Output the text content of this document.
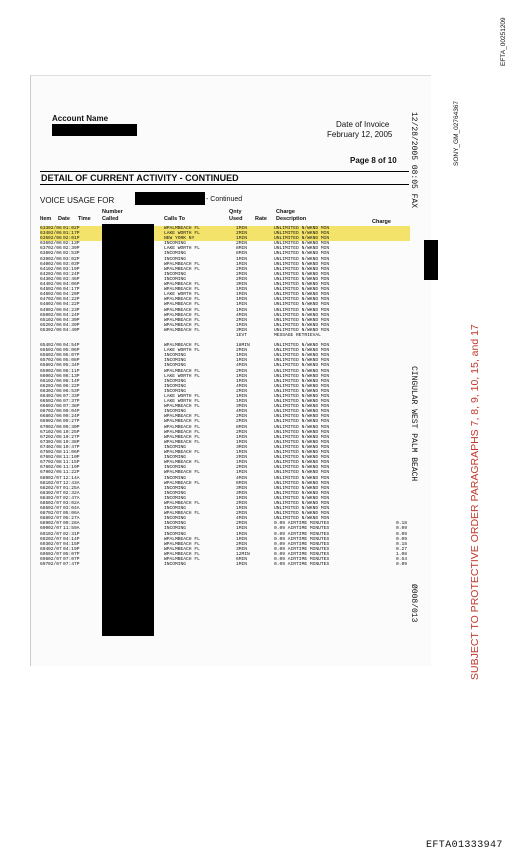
Account Name
Date of Invoice
February 12, 2005
Page 8 of 10
DETAIL OF CURRENT ACTIVITY - CONTINUED
VOICE USAGE FOR	- Continued
Number
Item Date Time Called	Calls To
Qnty
Used Rate
Charge
Description	Charge
633 02/06 01:02P	WPALMBEACH FL	1MIN	UNLIMITED N/WKND MIN
634 02/06 01:17P	LAKE WORTH FL	2MIN	UNLIMITED N/WKND MIN
635 02/06 02:01P	NEW YORK NY	1MIN	UNLIMITED N/WKND MIN
636 02/06 02:13P	INCOMING	2MIN	UNLIMITED N/WKND MIN
637 02/06 02:39P	LAKE WORTH FL	8MIN	UNLIMITED N/WKND MIN
638 02/06 02:53P	INCOMING	8MIN	UNLIMITED N/WKND MIN
639 02/06 03:02P	INCOMING	1MIN	UNLIMITED N/WKND MIN
640 02/06 03:03P	WPALMBEACH FL	1MIN	UNLIMITED N/WKND MIN
641 02/06 03:19P	WPALMBEACH FL	2MIN	UNLIMITED N/WKND MIN
642 02/06 03:24P	INCOMING	2MIN	UNLIMITED N/WKND MIN
643 02/06 03:45P	INCOMING	2MIN	UNLIMITED N/WKND MIN
644 02/06 04:06P	WPALMBEACH FL	3MIN	UNLIMITED N/WKND MIN
645 02/06 04:17P	WPALMBEACH FL	1MIN	UNLIMITED N/WKND MIN
646 02/06 04:20P	LAKE WORTH FL	1MIN	UNLIMITED N/WKND MIN
647 02/06 04:22P	WPALMBEACH FL	1MIN	UNLIMITED N/WKND MIN
648 02/06 04:22P	WPALMBEACH FL	1MIN	UNLIMITED N/WKND MIN
649 02/06 04:23P	WPALMBEACH FL	1MIN	UNLIMITED N/WKND MIN
650 02/06 04:24P	WPALMBEACH FL	4MIN	UNLIMITED N/WKND MIN
651 02/06 04:30P	WPALMBEACH FL	2MIN	UNLIMITED N/WKND MIN
652 02/06 04:39P	WPALMBEACH FL	1MIN	UNLIMITED N/WKND MIN
653 02/06 04:40P	WPALMBEACH FL	3MIN	UNLIMITED N/WKND MIN
1EVT	MESSAGE RETRIEVAL
654 02/06 04:54P	WPALMBEACH FL	18MIN	UNLIMITED N/WKND MIN
655 02/06 05:06P	LAKE WORTH FL	2MIN	UNLIMITED N/WKND MIN
656 02/06 05:07P	INCOMING	1MIN	UNLIMITED N/WKND MIN
657 02/06 05:08P	INCOMING	1MIN	UNLIMITED N/WKND MIN
658 02/06 05:34P	INCOMING	4MIN	UNLIMITED N/WKND MIN
659 02/06 06:11P	WPALMBEACH FL	2MIN	UNLIMITED N/WKND MIN
660 02/06 06:13P	LAKE WORTH FL	1MIN	UNLIMITED N/WKND MIN
661 02/06 06:14P	INCOMING	1MIN	UNLIMITED N/WKND MIN
662 02/06 06:22P	INCOMING	4MIN	UNLIMITED N/WKND MIN
663 02/06 06:53P	INCOMING	2MIN	UNLIMITED N/WKND MIN
664 02/06 07:33P	LAKE WORTH FL	1MIN	UNLIMITED N/WKND MIN
665 02/06 07:37P	LAKE WORTH FL	1MIN	UNLIMITED N/WKND MIN
666 02/06 07:38P	WPALMBEACH FL	3MIN	UNLIMITED N/WKND MIN
667 02/06 09:04P	INCOMING	4MIN	UNLIMITED N/WKND MIN
668 02/06 09:24P	WPALMBEACH FL	2MIN	UNLIMITED N/WKND MIN
669 02/06 09:27P	WPALMBEACH FL	2MIN	UNLIMITED N/WKND MIN
670 02/06 09:30P	WPALMBEACH FL	8MIN	UNLIMITED N/WKND MIN
671 02/06 10:25P	WPALMBEACH FL	2MIN	UNLIMITED N/WKND MIN
672 02/08 10:27P	WPALMBEACH FL	1MIN	UNLIMITED N/WKND MIN
673 02/08 10:38P	WPALMBEACH FL	1MIN	UNLIMITED N/WKND MIN
674 02/08 10:47P	INCOMING	3MIN	UNLIMITED N/WKND MIN
675 02/08 11:06P	WPALMBEACH FL	1MIN	UNLIMITED N/WKND MIN
676 02/08 11:10P	INCOMING	2MIN	UNLIMITED N/WKND MIN
677 02/08 11:15P	WPALMBEACH FL	1MIN	UNLIMITED N/WKND MIN
678 02/06 11:19P	INCOMING	2MIN	UNLIMITED N/WKND MIN
679 02/06 11:22P	WPALMBEACH FL	1MIN	UNLIMITED N/WKND MIN
680 02/07 12:14A	INCOMING	4MIN	UNLIMITED N/WKND MIN
681 02/07 12:43A	WPALMBEACH FL	6MIN	UNLIMITED N/WKND MIN
682 02/07 01:25A	INCOMING	3MIN	UNLIMITED N/WKND MIN
683 02/07 02:32A	INCOMING	3MIN	UNLIMITED N/WKND MIN
684 02/07 02:47A	INCOMING	1MIN	UNLIMITED N/WKND MIN
685 02/07 03:02A	WPALMBEACH FL	2MIN	UNLIMITED N/WKND MIN
686 02/07 03:04A	INCOMING	1MIN	UNLIMITED N/WKND MIN
687 02/07 05:06A	WPALMBEACH FL	2MIN	UNLIMITED N/WKND MIN
688 02/07 05:27A	INCOMING	4MIN	UNLIMITED N/WKND MIN
689 02/07 09:28A	INCOMING	2MIN	0.09 AIRTIME MINUTES	0.18
690 02/07 11:59A	INCOMING	1MIN	0.09 AIRTIME MINUTES	0.09
691 02/07 02:31P	INCOMING	1MIN	0.09 AIRTIME MINUTES	0.09
692 02/07 04:14P	WPALMBEACH FL	1MIN	0.09 AIRTIME MINUTES	0.09
693 02/07 04:15P	WPALMBEACH FL	2MIN	0.09 AIRTIME MINUTES	0.18
694 02/07 04:19P	WPALMBEACH FL	3MIN	0.09 AIRTIME MINUTES	0.27
695 02/07 05:07P	WPALMBEACH FL	12MIN	0.09 AIRTIME MINUTES	1.08
696 02/07 07:07P	WPALMBEACH FL	6MIN	0.09 AIRTIME MINUTES	0.54
697 02/07 07:47P	INCOMING	1MIN	0.09 AIRTIME MINUTES	0.09
12/28/2005 08:05 FAX
CINGULAR WEST PALM BEACH
Ø008/013
SONY_GM_02764367
EFTA_00251209
SUBJECT TO PROTECTIVE ORDER PARAGRAPHS 7, 8, 9, 10, 15, and 17
EFTA01333947
